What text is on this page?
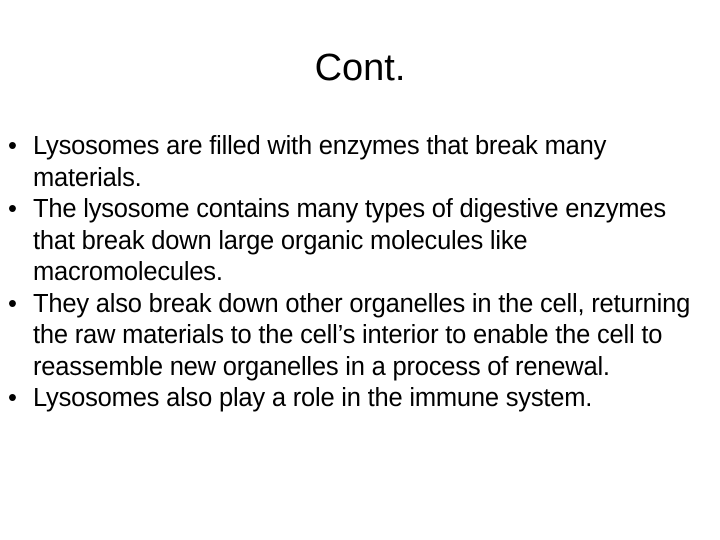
Cont.
• Lysosomes are filled with enzymes that break many materials.
• The lysosome contains many types of digestive enzymes that break down large organic molecules like macromolecules.
• They also break down other organelles in the cell, returning the raw materials to the cell’s interior to enable the cell to reassemble new organelles in a process of renewal.
• Lysosomes also play a role in the immune system.
